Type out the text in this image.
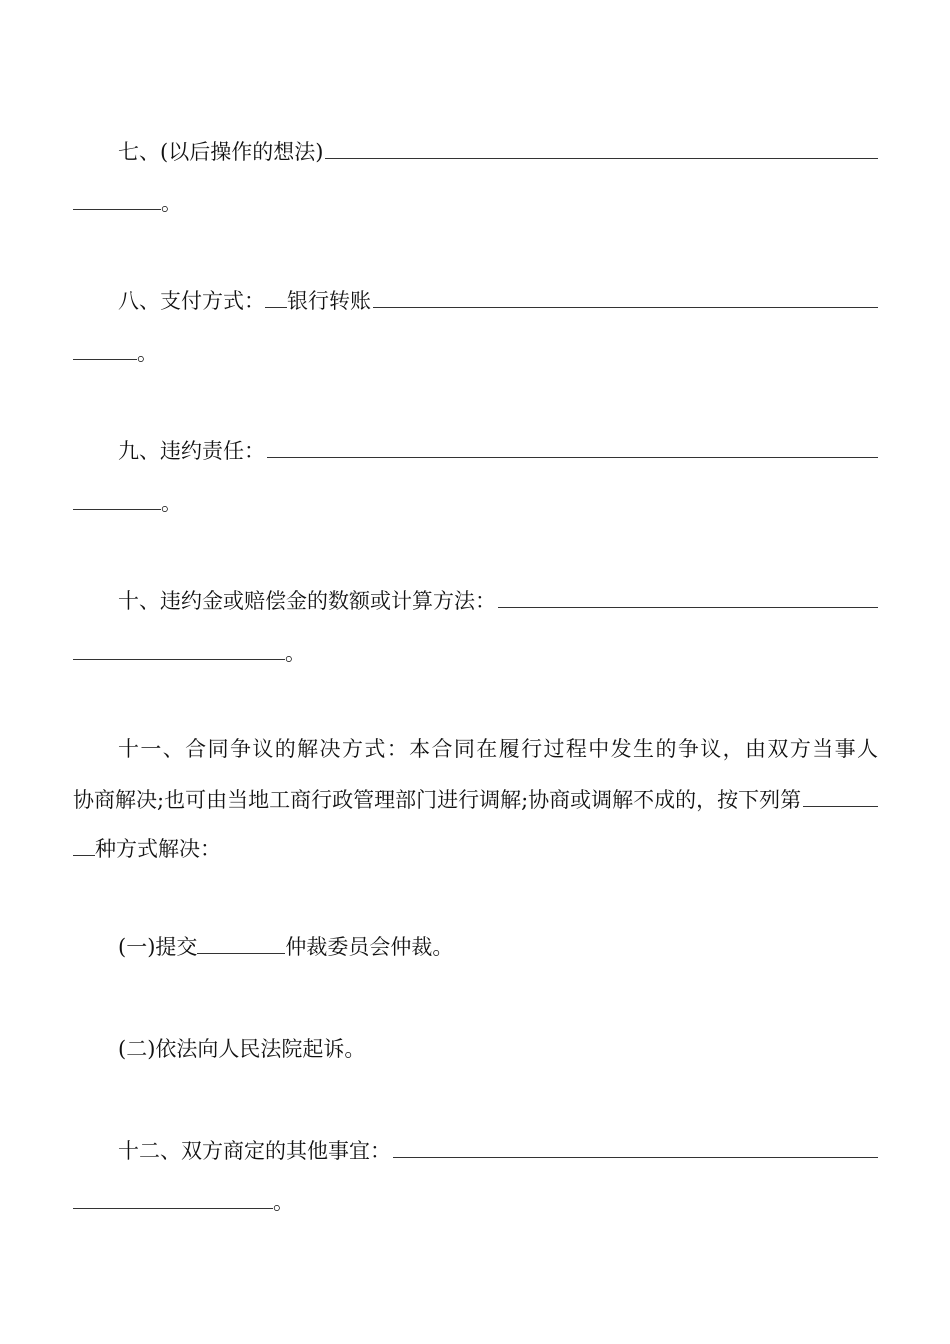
七、(以后操作的想法)
。
八、支付方式： 银行转账
。
九、违约责任：
。
十、违约金或赔偿金的数额或计算方法：
。
十一、合同争议的解决方式：本合同在履行过程中发生的争议，由双方当事人
协商解决;也可由当地工商行政管理部门进行调解;协商或调解不成的，按下列第
种方式解决：
(一)提交	仲裁委员会仲裁。
(二)依法向人民法院起诉。
十二、双方商定的其他事宜：
。
